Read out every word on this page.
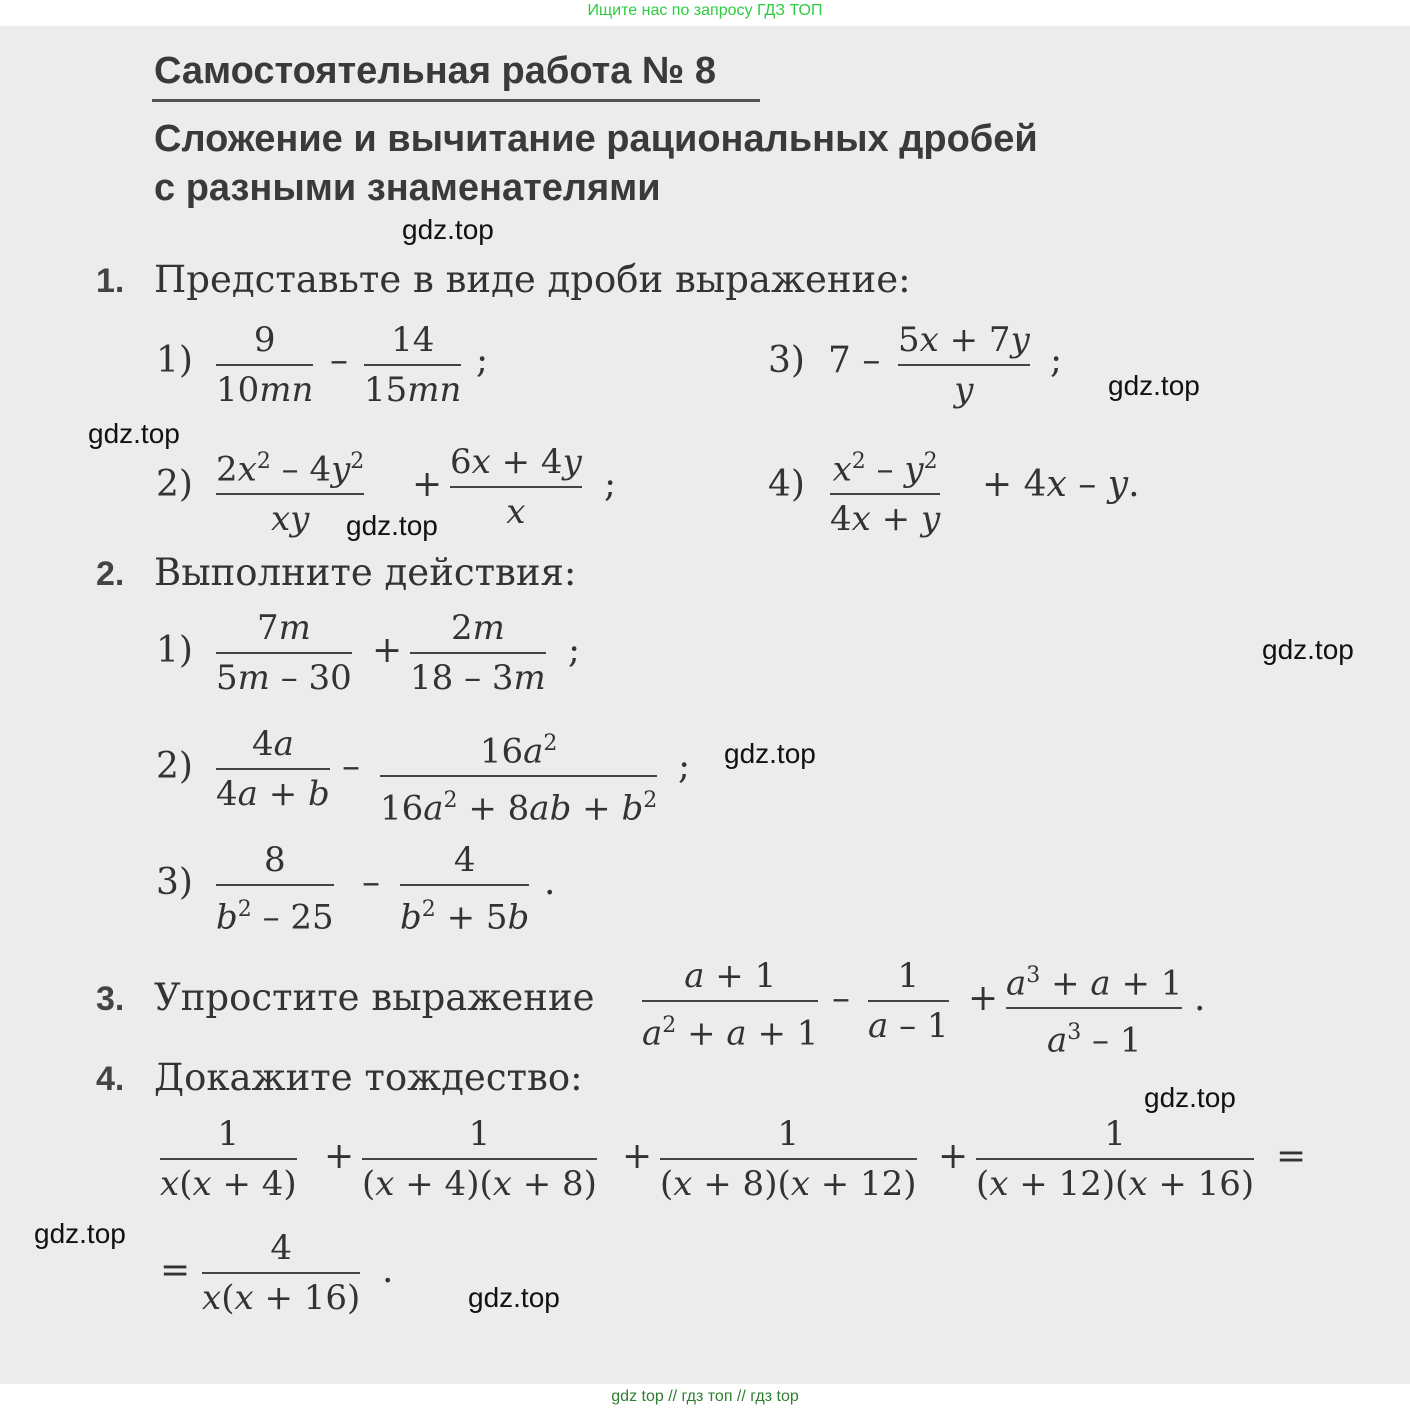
Ищите нас по запросу ГДЗ ТОП
Самостоятельная работа № 8
Сложение и вычитание рациональных дробей
с разными знаменателями
1. Представьте в виде дроби выражение:
1) 9
10mn
– 14
15mn
;	3) 7 – 5x + 7y
y
;
2) $2x^2 - 4y^2$
xy
+
6x + 4y
x
;	4) $x^2 - y^2$
4x + y
+ 4x – y.
2. Выполните действия:
1)
7m
5m – 30
+
2m
18 – 3m
;
2)
4a
4a + b
–	$16a^2$
$16a^2 + 8ab + b^2$
;
3)
8
$b^2 - 25$
–
4
$b^2 + 5b$
.
3. Упростите выражение	a + 1
$a^2 + a + 1$
–
1
a – 1
+ $a^3 + a + 1$
$a^3 - 1$
.
4. Докажите тождество:
1
x(x + 4)
+
1
(x + 4)(x + 8)
+
1
(x + 8)(x + 12)
+
1
(x + 12)(x + 16)
=
=
4
x(x + 16)
.
gdz.top
gdz.top
gdz.top
gdz.top
gdz.top
gdz.top
gdz.top
gdz.top
gdz.top
gdz top // гдз топ // гдз top
